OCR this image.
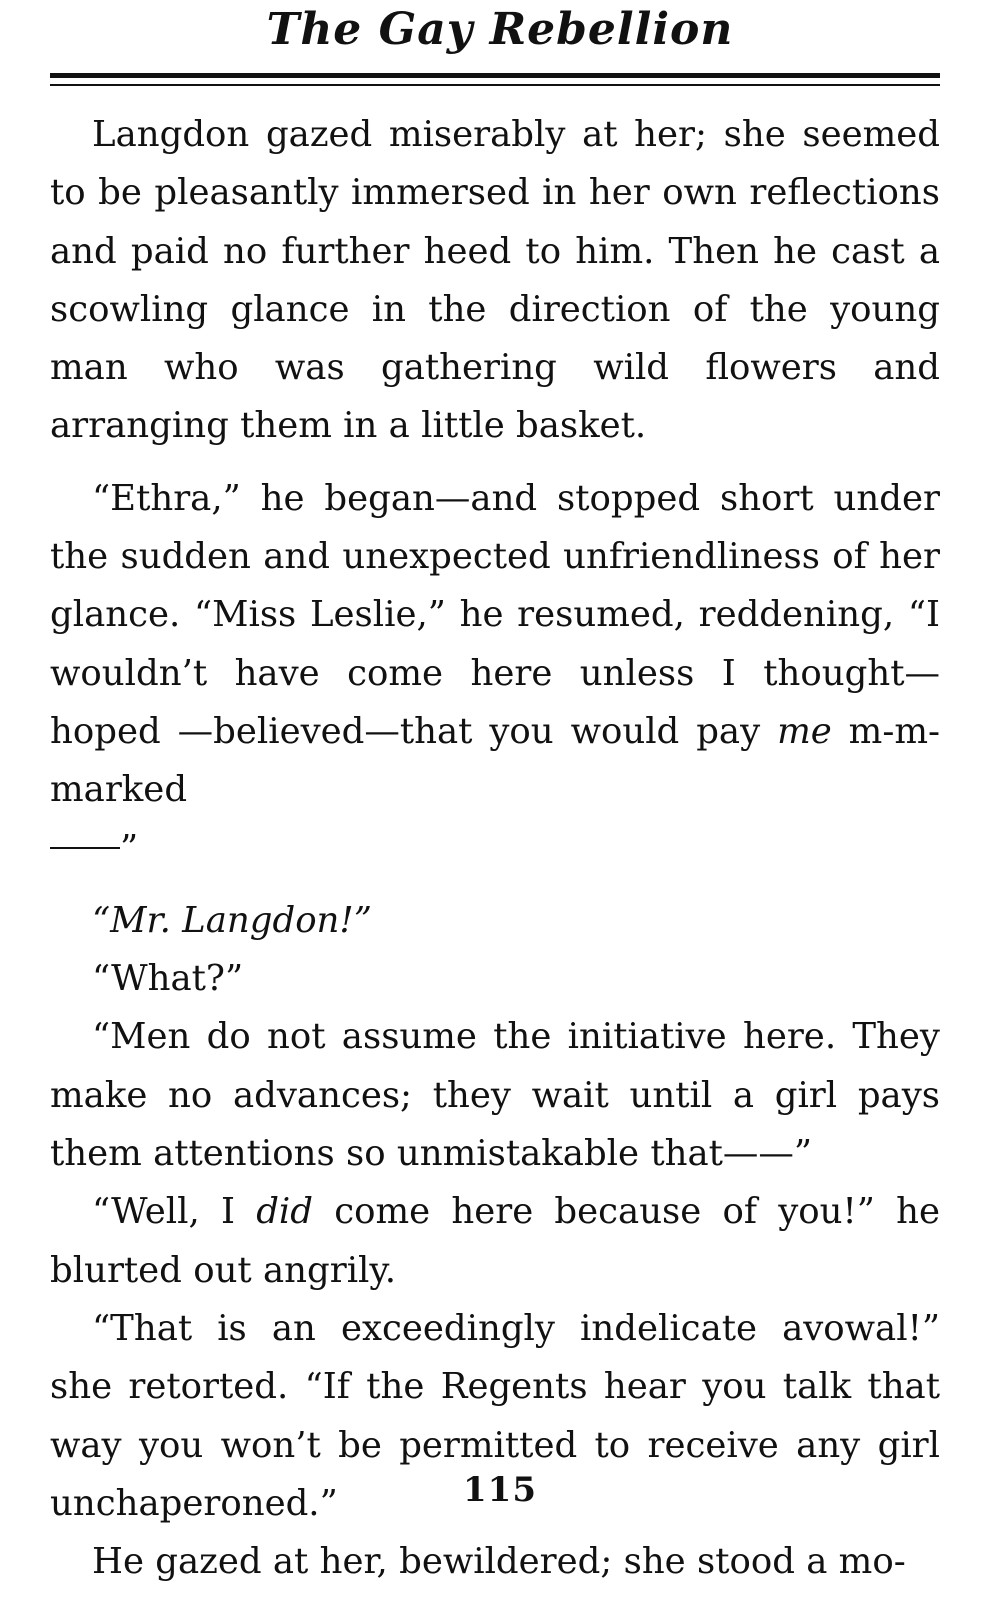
The Gay Rebellion

Langdon gazed miserably at her; she seemed to be pleasantly immersed in her own reflections and paid no further heed to him. Then he cast a scowling glance in the direction of the young man who was gathering wild flowers and arranging them in a little basket.

“Ethra,” he began—and stopped short under the sudden and unexpected unfriendliness of her glance. “Miss Leslie,” he resumed, reddening, “I wouldn’t have come here unless I thought—hoped —believed—that you would pay me m-m-marked
”

“Mr. Langdon!”

“What?”

“Men do not assume the initiative here. They make no advances; they wait until a girl pays them attentions so unmistakable that——”

“Well, I did come here because of you!” he blurted out angrily.

“That is an exceedingly indelicate avowal!” she retorted. “If the Regents hear you talk that way you won’t be permitted to receive any girl unchaperoned.”

He gazed at her, bewildered; she stood a mo-

115
